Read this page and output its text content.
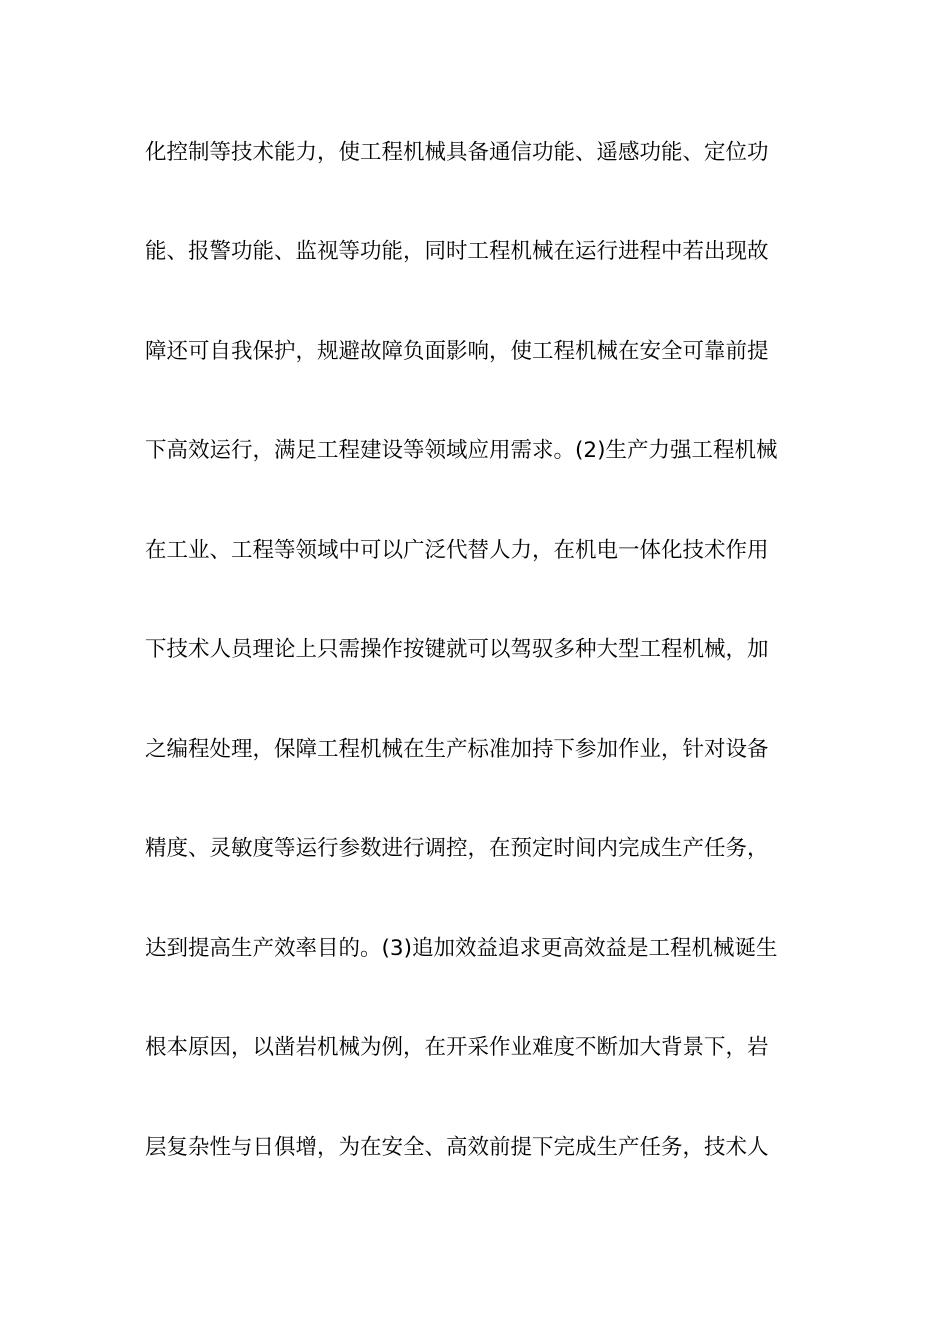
化控制等技术能力，使工程机械具备通信功能、遥感功能、定位功
能、报警功能、监视等功能，同时工程机械在运行进程中若出现故
障还可自我保护，规避故障负面影响，使工程机械在安全可靠前提
下高效运行，满足工程建设等领域应用需求。(2)生产力强工程机械
在工业、工程等领域中可以广泛代替人力，在机电一体化技术作用
下技术人员理论上只需操作按键就可以驾驭多种大型工程机械，加
之编程处理，保障工程机械在生产标准加持下参加作业，针对设备
精度、灵敏度等运行参数进行调控，在预定时间内完成生产任务，
达到提高生产效率目的。(3)追加效益追求更高效益是工程机械诞生
根本原因，以凿岩机械为例，在开采作业难度不断加大背景下，岩
层复杂性与日俱增，为在安全、高效前提下完成生产任务，技术人
